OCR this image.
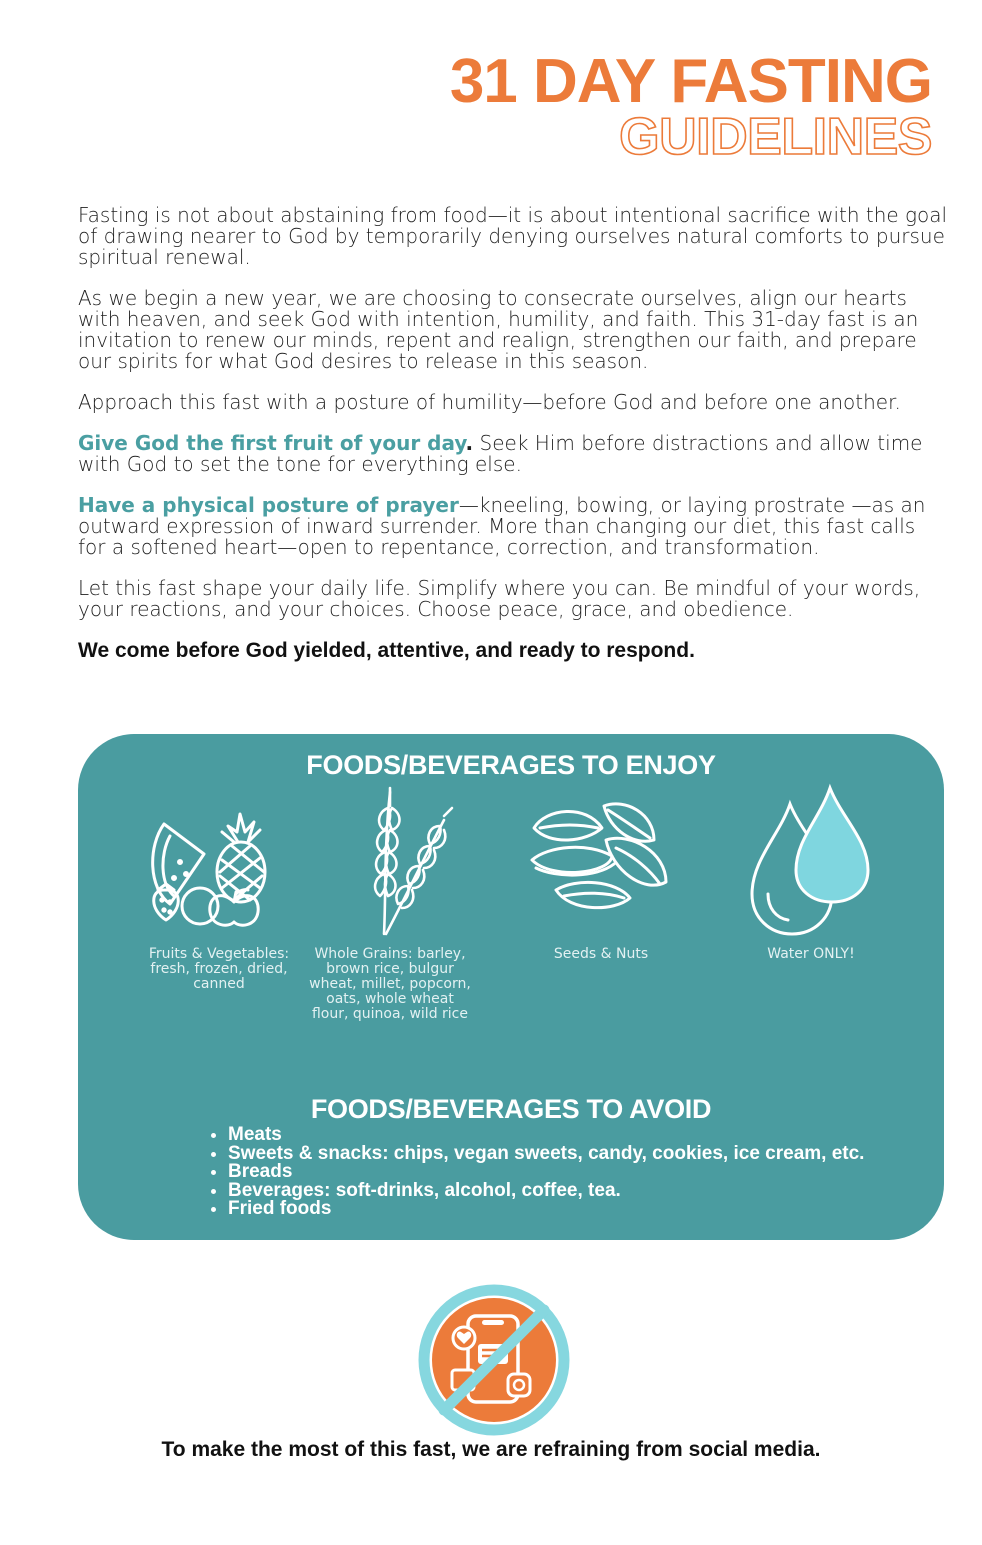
31 DAY FASTING
GUIDELINES

Fasting is not about abstaining from food—it is about intentional sacrifice with the goal of drawing nearer to God by temporarily denying ourselves natural comforts to pursue spiritual renewal.

As we begin a new year, we are choosing to consecrate ourselves, align our hearts with heaven, and seek God with intention, humility, and faith. This 31-day fast is an invitation to renew our minds, repent and realign, strengthen our faith, and prepare our spirits for what God desires to release in this season.

Approach this fast with a posture of humility—before God and before one another.

Give God the first fruit of your day. Seek Him before distractions and allow time with God to set the tone for everything else.

Have a physical posture of prayer—kneeling, bowing, or laying prostrate —as an outward expression of inward surrender. More than changing our diet, this fast calls for a softened heart—open to repentance, correction, and transformation.

Let this fast shape your daily life. Simplify where you can. Be mindful of your words, your reactions, and your choices. Choose peace, grace, and obedience.

We come before God yielded, attentive, and ready to respond.

FOODS/BEVERAGES TO ENJOY
Fruits & Vegetables: fresh, frozen, dried, canned
Whole Grains: barley, brown rice, bulgur wheat, millet, popcorn, oats, whole wheat flour, quinoa, wild rice
Seeds & Nuts	Water ONLY!
FOODS/BEVERAGES TO AVOID
• Meats
• Sweets & snacks: chips, vegan sweets, candy, cookies, ice cream, etc.
• Breads
• Beverages: soft-drinks, alcohol, coffee, tea.
• Fried foods
To make the most of this fast, we are refraining from social media.
